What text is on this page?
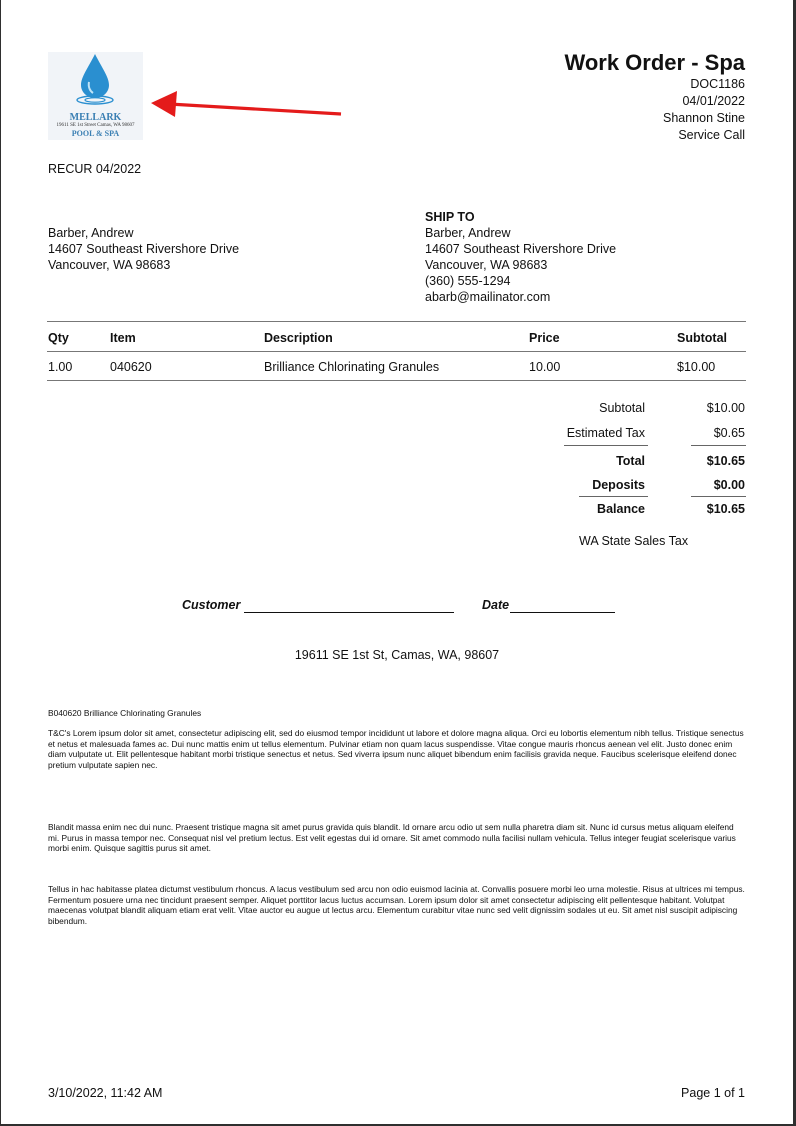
MELLARK
19611 SE 1st Street Camas, WA 98607
POOL & SPA
Work Order - Spa
DOC1186
04/01/2022
Shannon Stine
Service Call
RECUR 04/2022
Barber, Andrew
14607 Southeast Rivershore Drive
Vancouver, WA 98683
SHIP TO
Barber, Andrew
14607 Southeast Rivershore Drive
Vancouver, WA 98683
(360) 555-1294
abarb@mailinator.com
Qty	Item	Description	Price	Subtotal
1.00	040620	Brilliance Chlorinating Granules	10.00	$10.00
Subtotal	$10.00
Estimated Tax	$0.65
Total	$10.65
Deposits	$0.00
Balance	$10.65
WA State Sales Tax
Customer	Date
19611 SE 1st St, Camas, WA, 98607
B040620 Brilliance Chlorinating Granules
T&C's Lorem ipsum dolor sit amet, consectetur adipiscing elit, sed do eiusmod tempor incididunt ut labore et dolore magna aliqua. Orci eu lobortis elementum nibh tellus. Tristique senectus et netus et malesuada fames ac. Dui nunc mattis enim ut tellus elementum. Pulvinar etiam non quam lacus suspendisse. Vitae congue mauris rhoncus aenean vel elit. Justo donec enim diam vulputate ut. Elit pellentesque habitant morbi tristique senectus et netus. Sed viverra ipsum nunc aliquet bibendum enim facilisis gravida neque. Faucibus scelerisque eleifend donec pretium vulputate sapien nec.
Blandit massa enim nec dui nunc. Praesent tristique magna sit amet purus gravida quis blandit. Id ornare arcu odio ut sem nulla pharetra diam sit. Nunc id cursus metus aliquam eleifend mi. Purus in massa tempor nec. Consequat nisl vel pretium lectus. Est velit egestas dui id ornare. Sit amet commodo nulla facilisi nullam vehicula. Tellus integer feugiat scelerisque varius morbi enim. Quisque sagittis purus sit amet.
Tellus in hac habitasse platea dictumst vestibulum rhoncus. A lacus vestibulum sed arcu non odio euismod lacinia at. Convallis posuere morbi leo urna molestie. Risus at ultrices mi tempus. Fermentum posuere urna nec tincidunt praesent semper. Aliquet porttitor lacus luctus accumsan. Lorem ipsum dolor sit amet consectetur adipiscing elit pellentesque habitant. Volutpat maecenas volutpat blandit aliquam etiam erat velit. Vitae auctor eu augue ut lectus arcu. Elementum curabitur vitae nunc sed velit dignissim sodales ut eu. Sit amet nisl suscipit adipiscing bibendum.
3/10/2022, 11:42 AM	Page 1 of 1
